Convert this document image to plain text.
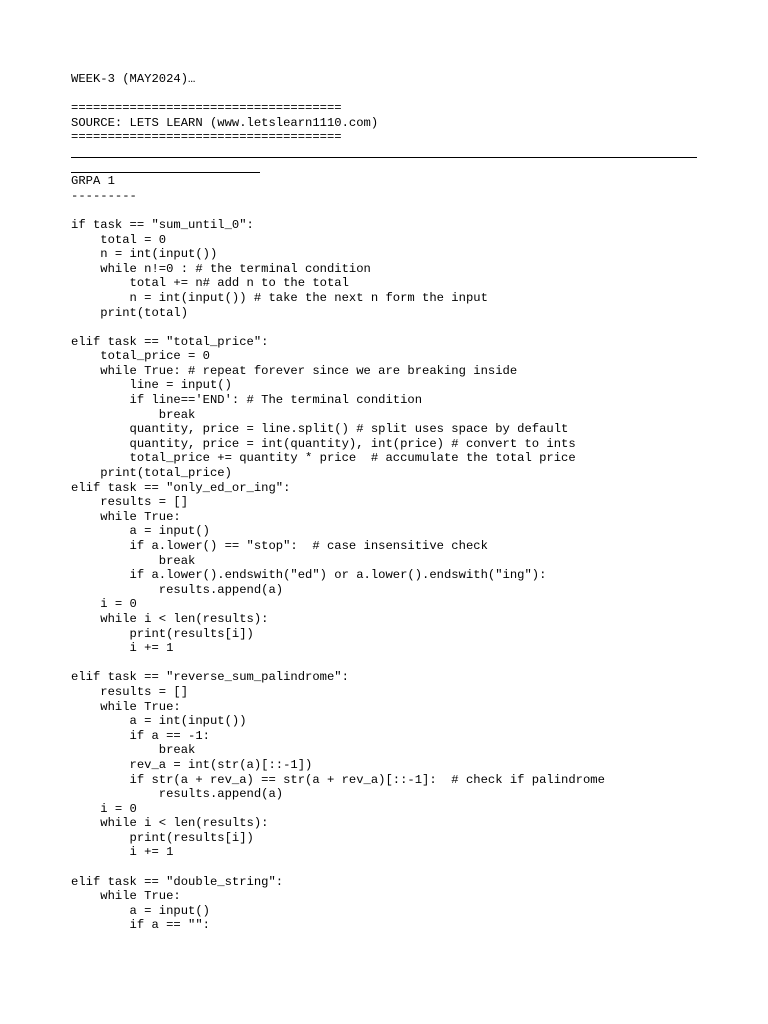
WEEK-3 (MAY2024)…
=====================================
SOURCE: LETS LEARN (www.letslearn1110.com)
=====================================
GRPA 1
---------
if task == "sum_until_0":
total = 0
n = int(input())
while n!=0 : # the terminal condition
total += n# add n to the total
n = int(input()) # take the next n form the input
print(total)
elif task == "total_price":
total_price = 0
while True: # repeat forever since we are breaking inside
line = input()
if line=='END': # The terminal condition
break
quantity, price = line.split() # split uses space by default
quantity, price = int(quantity), int(price) # convert to ints
total_price += quantity * price  # accumulate the total price
print(total_price)
elif task == "only_ed_or_ing":
results = []
while True:
a = input()
if a.lower() == "stop":  # case insensitive check
break
if a.lower().endswith("ed") or a.lower().endswith("ing"):
results.append(a)
i = 0
while i < len(results):
print(results[i])
i += 1
elif task == "reverse_sum_palindrome":
results = []
while True:
a = int(input())
if a == -1:
break
rev_a = int(str(a)[::-1])
if str(a + rev_a) == str(a + rev_a)[::-1]:  # check if palindrome
results.append(a)
i = 0
while i < len(results):
print(results[i])
i += 1
elif task == "double_string":
while True:
a = input()
if a == "":
